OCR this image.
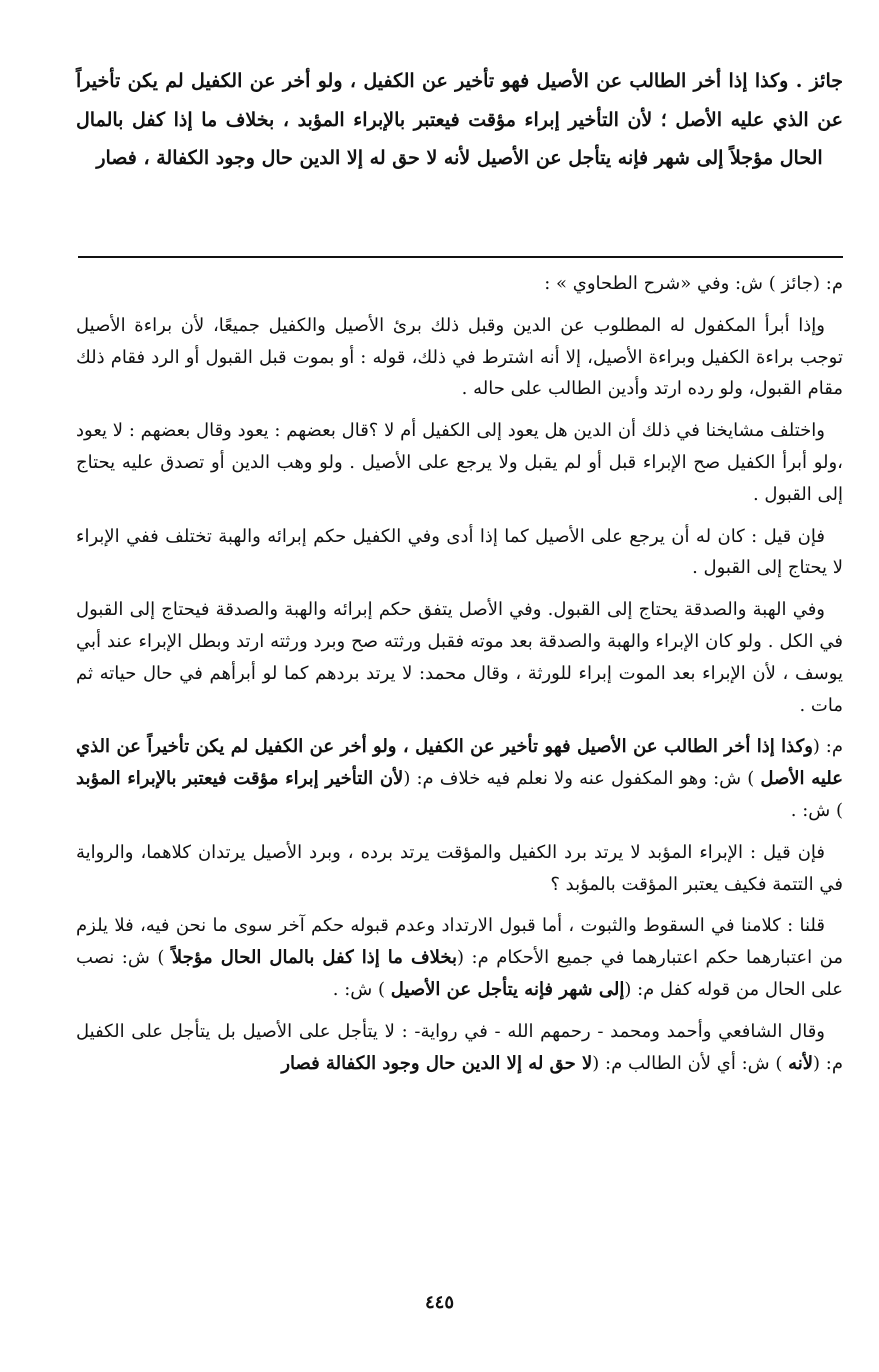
جائز . وكذا إذا أخر الطالب عن الأصيل فهو تأخير عن الكفيل ، ولو أخر عن الكفيل لم يكن تأخيراً عن الذي عليه الأصل ؛ لأن التأخير إبراء مؤقت فيعتبر بالإبراء المؤبد ، بخلاف ما إذا كفل بالمال الحال مؤجلاً إلى شهر فإنه يتأجل عن الأصيل لأنه لا حق له إلا الدين حال وجود الكفالة ، فصار

م: (جائز ) ش: وفي «شرح الطحاوي » :

وإذا أبرأ المكفول له المطلوب عن الدين وقبل ذلك برئ الأصيل والكفيل جميعًا، لأن براءة الأصيل توجب براءة الكفيل وبراءة الأصيل، إلا أنه اشترط في ذلك، قوله : أو بموت قبل القبول أو الرد فقام ذلك مقام القبول، ولو رده ارتد وأدين الطالب على حاله .

واختلف مشايخنا في ذلك أن الدين هل يعود إلى الكفيل أم لا ؟قال بعضهم : يعود وقال بعضهم : لا يعود ،ولو أبرأ الكفيل صح الإبراء قبل أو لم يقبل ولا يرجع على الأصيل . ولو وهب الدين أو تصدق عليه يحتاج إلى القبول .

فإن قيل : كان له أن يرجع على الأصيل كما إذا أدى وفي الكفيل حكم إبرائه والهبة تختلف ففي الإبراء لا يحتاج إلى القبول .

وفي الهبة والصدقة يحتاج إلى القبول. وفي الأصل يتفق حكم إبرائه والهبة والصدقة فيحتاج إلى القبول في الكل . ولو كان الإبراء والهبة والصدقة بعد موته فقبل ورثته صح وبرد ورثته ارتد وبطل الإبراء عند أبي يوسف ، لأن الإبراء بعد الموت إبراء للورثة ، وقال محمد: لا يرتد بردهم كما لو أبرأهم في حال حياته ثم مات .

م: (وكذا إذا أخر الطالب عن الأصيل فهو تأخير عن الكفيل ، ولو أخر عن الكفيل لم يكن تأخيراً عن الذي عليه الأصل ) ش: وهو المكفول عنه ولا نعلم فيه خلاف م: (لأن التأخير إبراء مؤقت فيعتبر بالإبراء المؤبد ) ش: .

فإن قيل : الإبراء المؤبد لا يرتد برد الكفيل والمؤقت يرتد برده ، وبرد الأصيل يرتدان كلاهما، والرواية في التتمة فكيف يعتبر المؤقت بالمؤبد ؟

قلنا : كلامنا في السقوط والثبوت ، أما قبول الارتداد وعدم قبوله حكم آخر سوى ما نحن فيه، فلا يلزم من اعتبارهما حكم اعتبارهما في جميع الأحكام م: (بخلاف ما إذا كفل بالمال الحال مؤجلاً ) ش: نصب على الحال من قوله كفل م: (إلى شهر فإنه يتأجل عن الأصيل ) ش: .

وقال الشافعي وأحمد ومحمد - رحمهم الله - في رواية- : لا يتأجل على الأصيل بل يتأجل على الكفيل م: (لأنه ) ش: أي لأن الطالب م: (لا حق له إلا الدين حال وجود الكفالة فصار

٤٤٥
